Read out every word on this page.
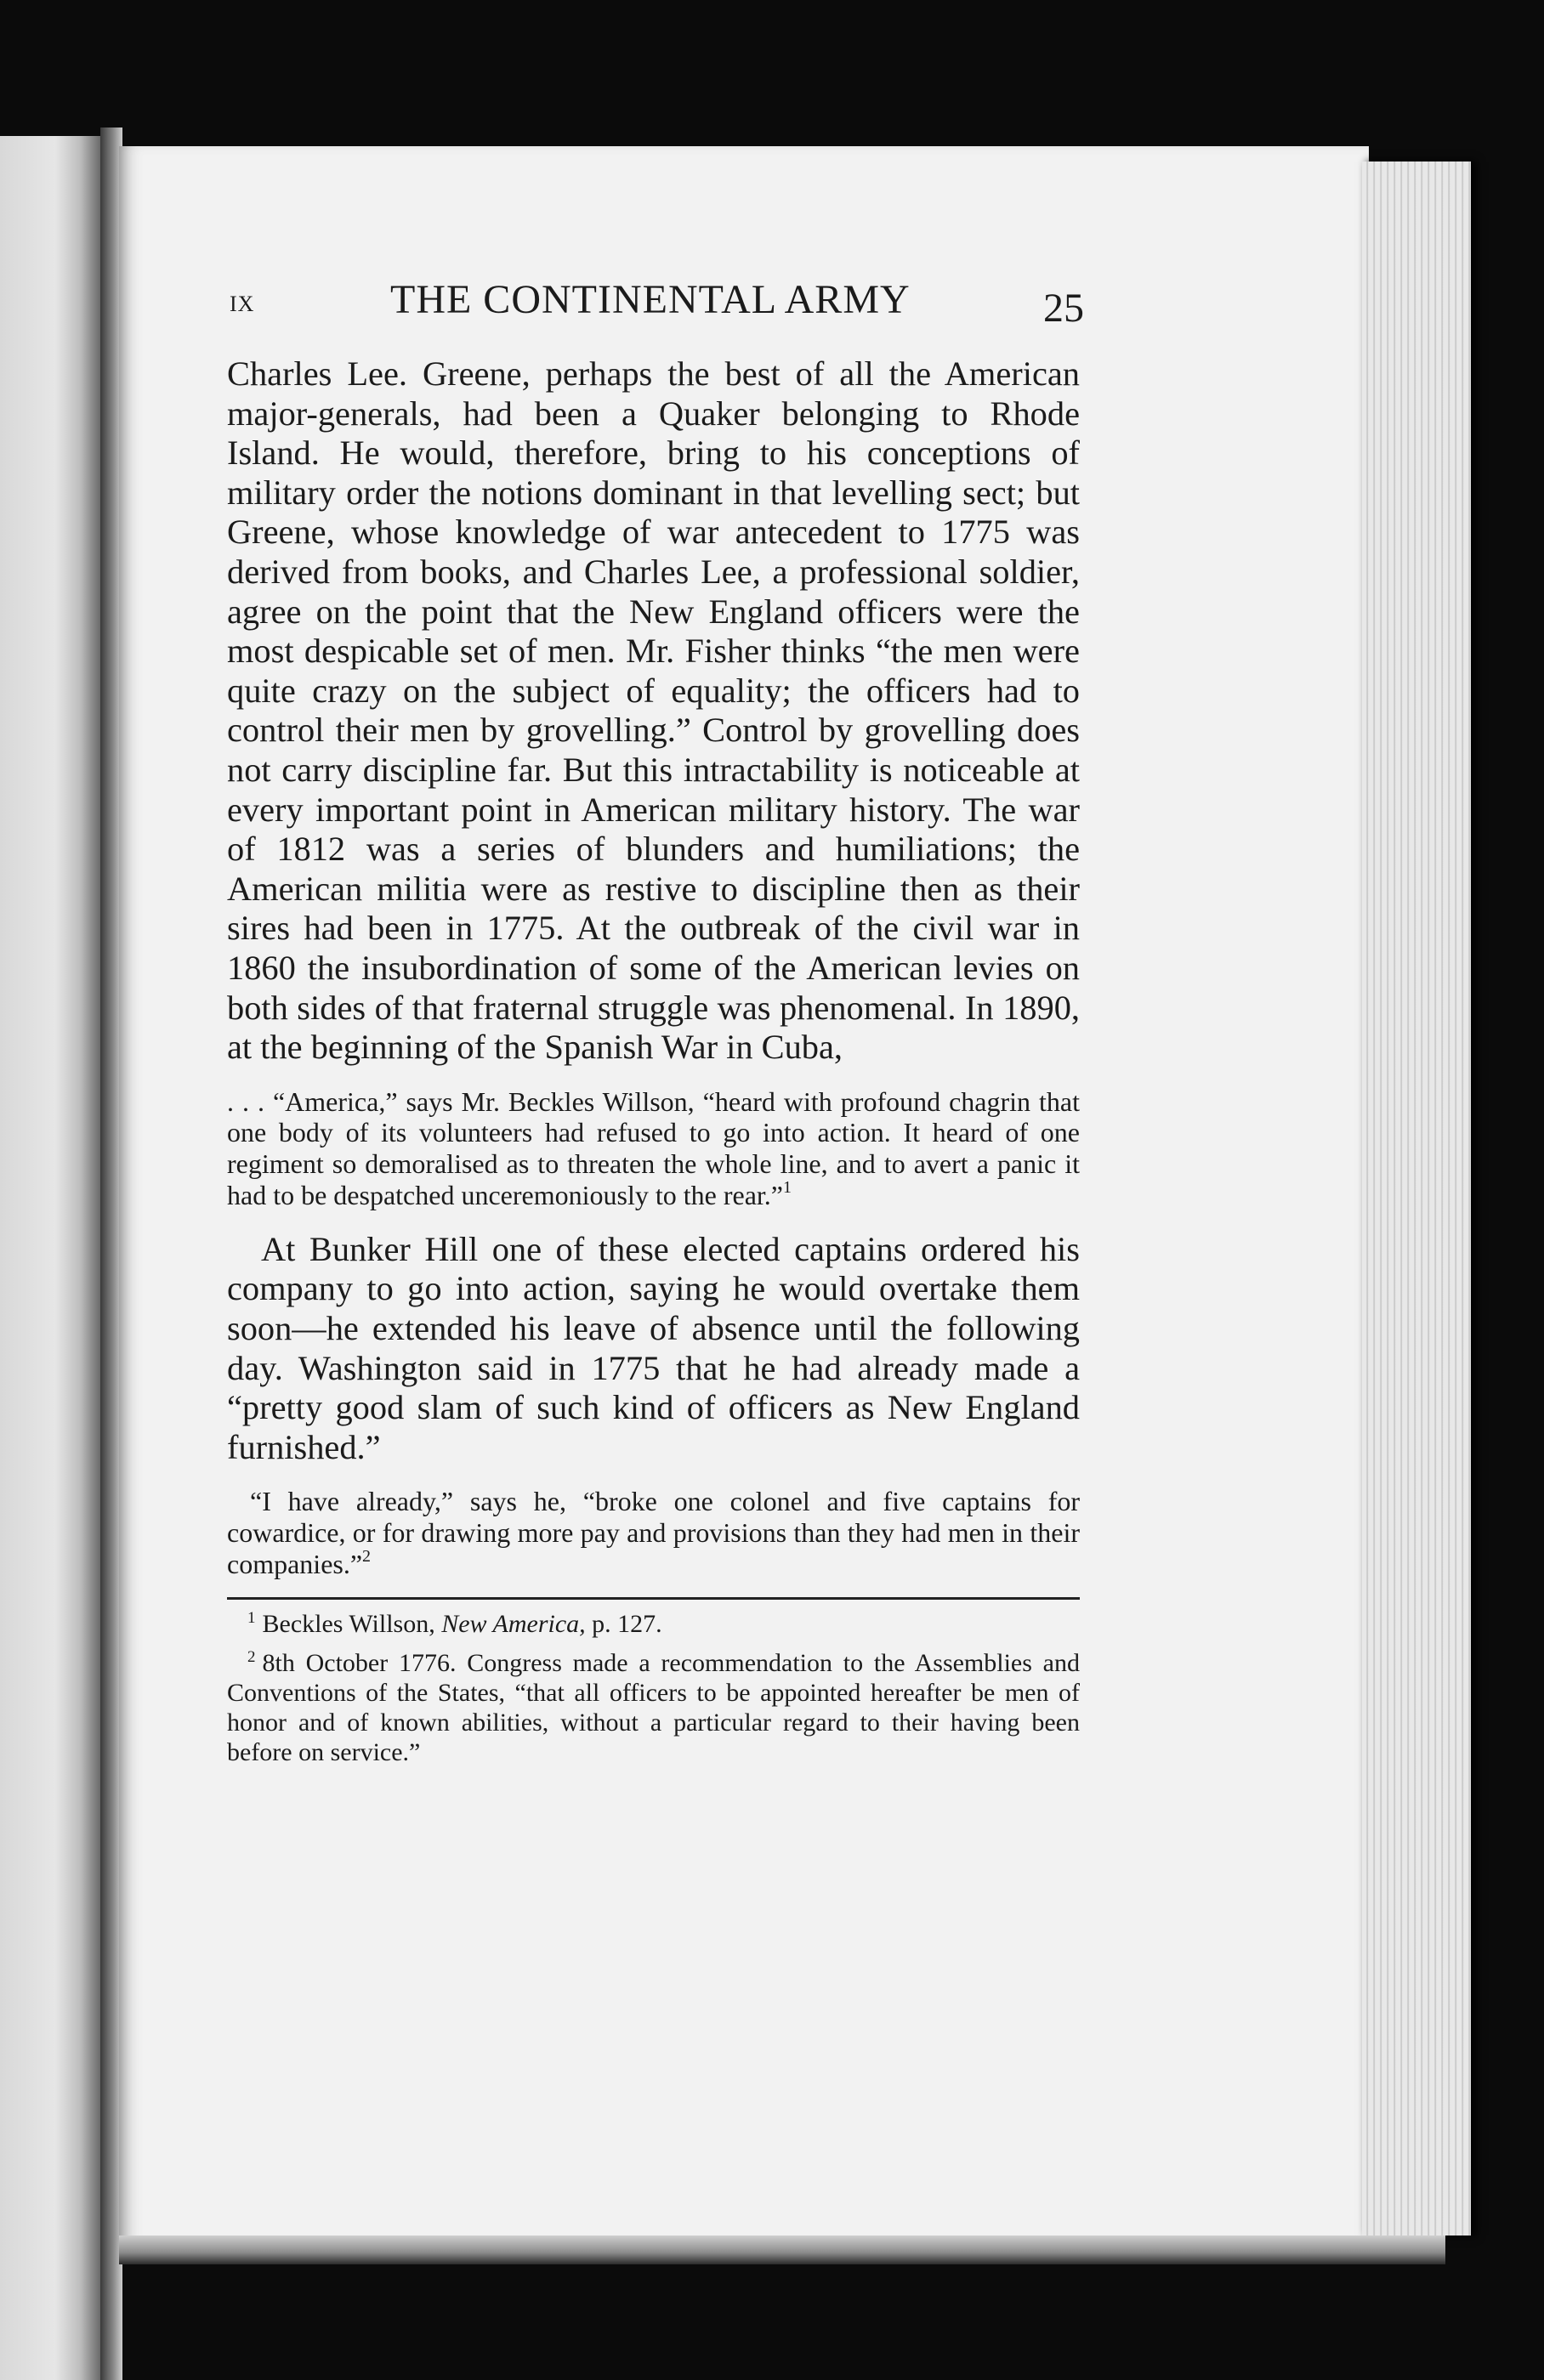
IX	THE CONTINENTAL ARMY	25

Charles Lee. Greene, perhaps the best of all the American major-generals, had been a Quaker belonging to Rhode Island. He would, therefore, bring to his conceptions of military order the notions dominant in that levelling sect; but Greene, whose knowledge of war antecedent to 1775 was derived from books, and Charles Lee, a professional soldier, agree on the point that the New England officers were the most despicable set of men. Mr. Fisher thinks “the men were quite crazy on the subject of equality; the officers had to control their men by grovelling.” Control by grovelling does not carry discipline far. But this intractability is noticeable at every important point in American military history. The war of 1812 was a series of blunders and humiliations; the American militia were as restive to discipline then as their sires had been in 1775. At the outbreak of the civil war in 1860 the insubordination of some of the American levies on both sides of that fraternal struggle was phenomenal. In 1890, at the beginning of the Spanish War in Cuba,

. . . “America,” says Mr. Beckles Willson, “heard with profound chagrin that one body of its volunteers had refused to go into action. It heard of one regiment so demoralised as to threaten the whole line, and to avert a panic it had to be despatched unceremoniously to the rear.”$^1$

At Bunker Hill one of these elected captains ordered his company to go into action, saying he would overtake them soon—he extended his leave of absence until the following day. Washington said in 1775 that he had already made a “pretty good slam of such kind of officers as New England furnished.”

“I have already,” says he, “broke one colonel and five captains for cowardice, or for drawing more pay and provisions than they had men in their companies.”$^2$

$^1$ Beckles Willson, New America, p. 127.

$^2$ 8th October 1776. Congress made a recommendation to the Assemblies and Conventions of the States, “that all officers to be appointed hereafter be men of honor and of known abilities, without a particular regard to their having been before on service.”
